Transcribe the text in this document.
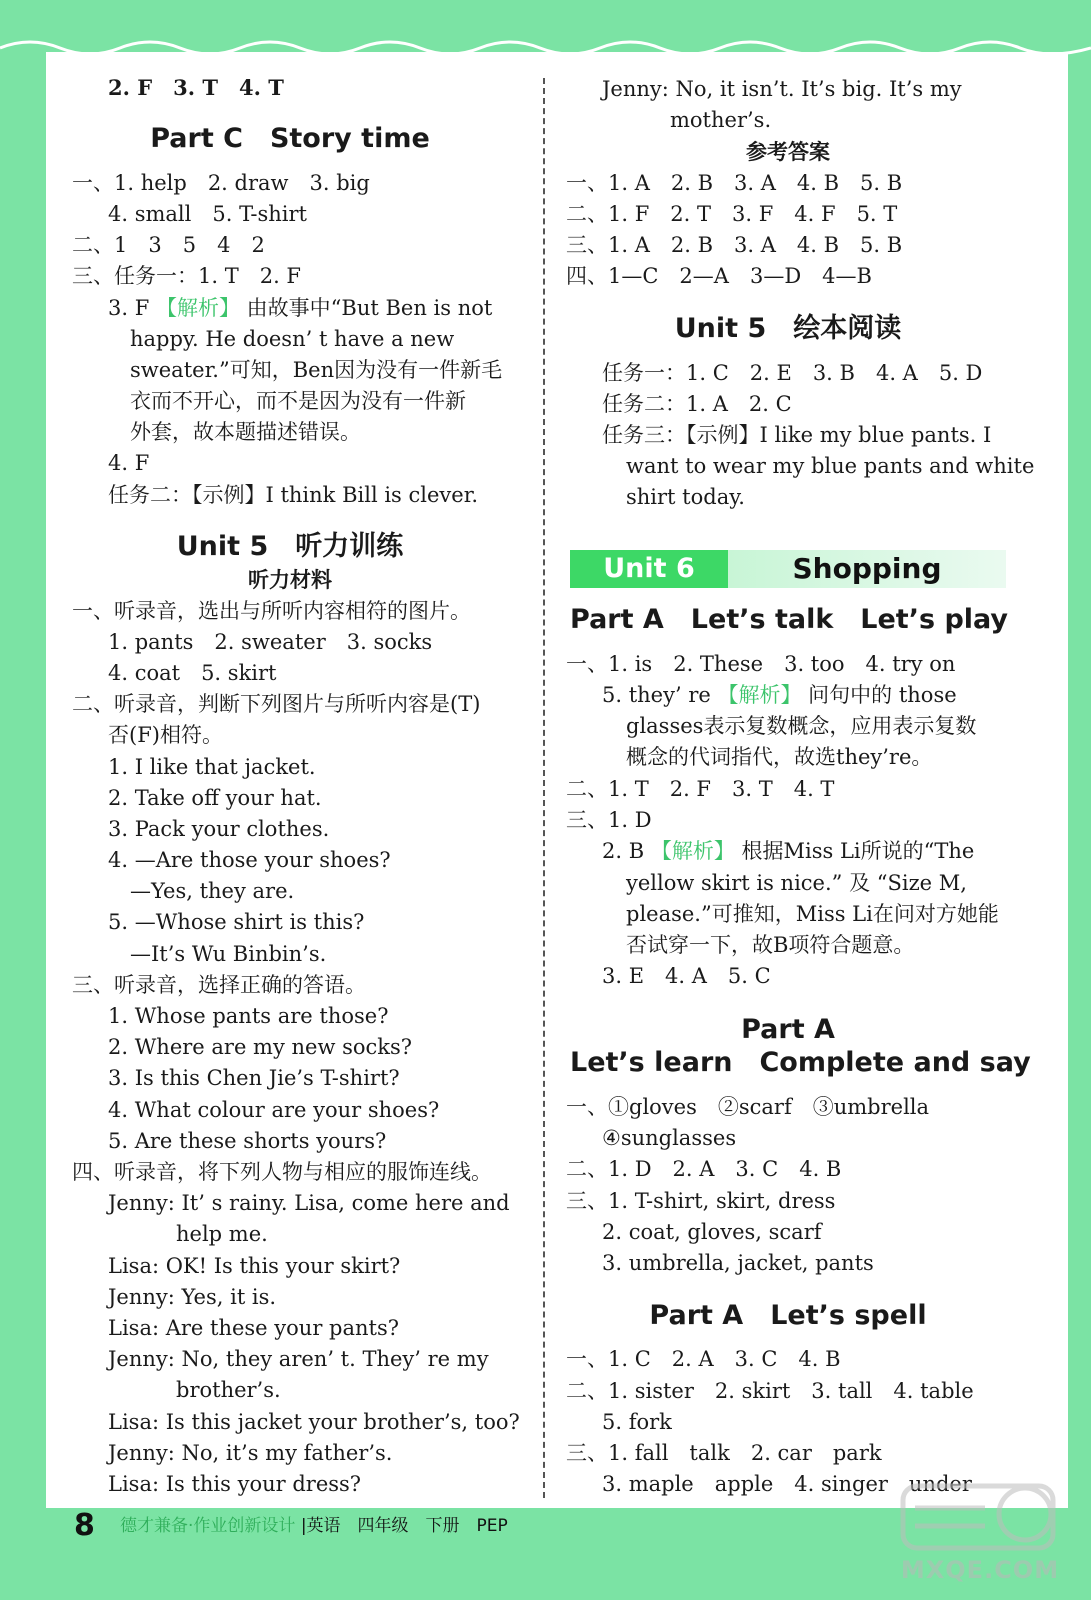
2. F　3. T　4. T
Part C　Story time
一、1. help　2. draw　3. big
4. small　5. T-shirt
二、1　3　5　4　2
三、任务一：1. T　2. F
3. F 【解析】 由故事中“But Ben is not
happy. He doesn’ t have a new
sweater.”可知，Ben因为没有一件新毛
衣而不开心，而不是因为没有一件新
外套，故本题描述错误。
4. F
任务二：【示例】I think Bill is clever.
Unit 5　听力训练
听力材料
一、听录音，选出与所听内容相符的图片。
1. pants　2. sweater　3. socks
4. coat　5. skirt
二、听录音，判断下列图片与所听内容是(T)
否(F)相符。
1. I like that jacket.
2. Take off your hat.
3. Pack your clothes.
4. —Are those your shoes?
—Yes, they are.
5. —Whose shirt is this?
—It’s Wu Binbin’s.
三、听录音，选择正确的答语。
1. Whose pants are those?
2. Where are my new socks?
3. Is this Chen Jie’s T-shirt?
4. What colour are your shoes?
5. Are these shorts yours?
四、听录音，将下列人物与相应的服饰连线。
Jenny: It’ s rainy. Lisa, come here and
help me.
Lisa: OK! Is this your skirt?
Jenny: Yes, it is.
Lisa: Are these your pants?
Jenny: No, they aren’ t. They’ re my
brother’s.
Lisa: Is this jacket your brother’s, too?
Jenny: No, it’s my father’s.
Lisa: Is this your dress?
Jenny: No, it isn’t. It’s big. It’s my
mother’s.
参考答案
一、1. A　2. B　3. A　4. B　5. B
二、1. F　2. T　3. F　4. F　5. T
三、1. A　2. B　3. A　4. B　5. B
四、1—C　2—A　3—D　4—B
Unit 5　绘本阅读
任务一：1. C　2. E　3. B　4. A　5. D
任务二：1. A　2. C
任务三：【示例】I like my blue pants. I
want to wear my blue pants and white
shirt today.
Unit 6	Shopping
Part A　Let’s talk　Let’s play
一、1. is　2. These　3. too　4. try on
5. they’ re 【解析】 问句中的 those
glasses表示复数概念，应用表示复数
概念的代词指代，故选they’re。
二、1. T　2. F　3. T　4. T
三、1. D
2. B 【解析】 根据Miss Li所说的“The
yellow skirt is nice.” 及 “Size M,
please.”可推知，Miss Li在问对方她能
否试穿一下，故B项符合题意。
3. E　4. A　5. C
Part A
Let’s learn　Complete and say
一、①gloves　②scarf　③umbrella
④sunglasses
二、1. D　2. A　3. C　4. B
三、1. T-shirt, skirt, dress
2. coat, gloves, scarf
3. umbrella, jacket, pants
Part A　Let’s spell
一、1. C　2. A　3. C　4. B
二、1. sister　2. skirt　3. tall　4. table
5. fork
三、1. fall　talk　2. car　park
3. maple　apple　4. singer　under
8 德才兼备·作业创新设计 |英语　四年级　下册　PEP
MXQE.COM
